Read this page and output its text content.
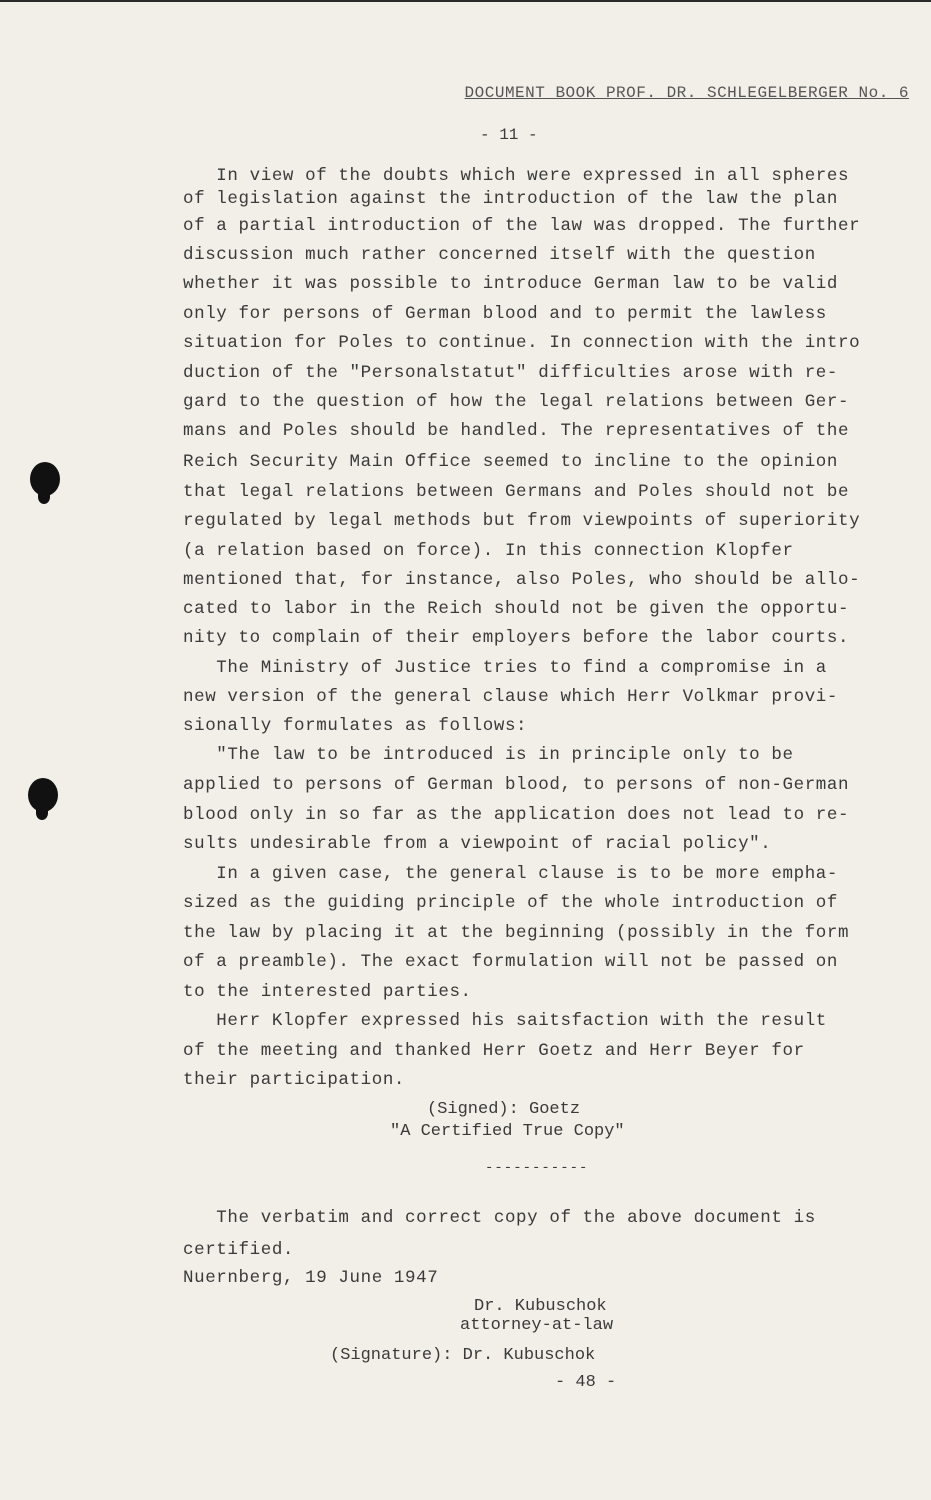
DOCUMENT BOOK PROF. DR. SCHLEGELBERGER No. 6
- 11 -
In view of the doubts which were expressed in all spheres
of legislation against the introduction of the law the plan
of a partial introduction of the law was dropped. The further
discussion much rather concerned itself with the question
whether it was possible to introduce German law to be valid
only for persons of German blood and to permit the lawless
situation for Poles to continue. In connection with the intro
duction of the "Personalstatut" difficulties arose with re-
gard to the question of how the legal relations between Ger-
mans and Poles should be handled. The representatives of the
Reich Security Main Office seemed to incline to the opinion
that legal relations between Germans and Poles should not be
regulated by legal methods but from viewpoints of superiority
(a relation based on force). In this connection Klopfer
mentioned that, for instance, also Poles, who should be allo-
cated to labor in the Reich should not be given the opportu-
nity to complain of their employers before the labor courts.
The Ministry of Justice tries to find a compromise in a
new version of the general clause which Herr Volkmar provi-
sionally formulates as follows:
"The law to be introduced is in principle only to be
applied to persons of German blood, to persons of non-German
blood only in so far as the application does not lead to re-
sults undesirable from a viewpoint of racial policy".
In a given case, the general clause is to be more empha-
sized as the guiding principle of the whole introduction of
the law by placing it at the beginning (possibly in the form
of a preamble). The exact formulation will not be passed on
to the interested parties.
Herr Klopfer expressed his saitsfaction with the result
of the meeting and thanked Herr Goetz and Herr Beyer for
their participation.
(Signed): Goetz
"A Certified True Copy"
-----------
The verbatim and correct copy of the above document is
certified.
Nuernberg, 19 June 1947
Dr. Kubuschok
attorney-at-law
(Signature): Dr. Kubuschok
- 48 -
